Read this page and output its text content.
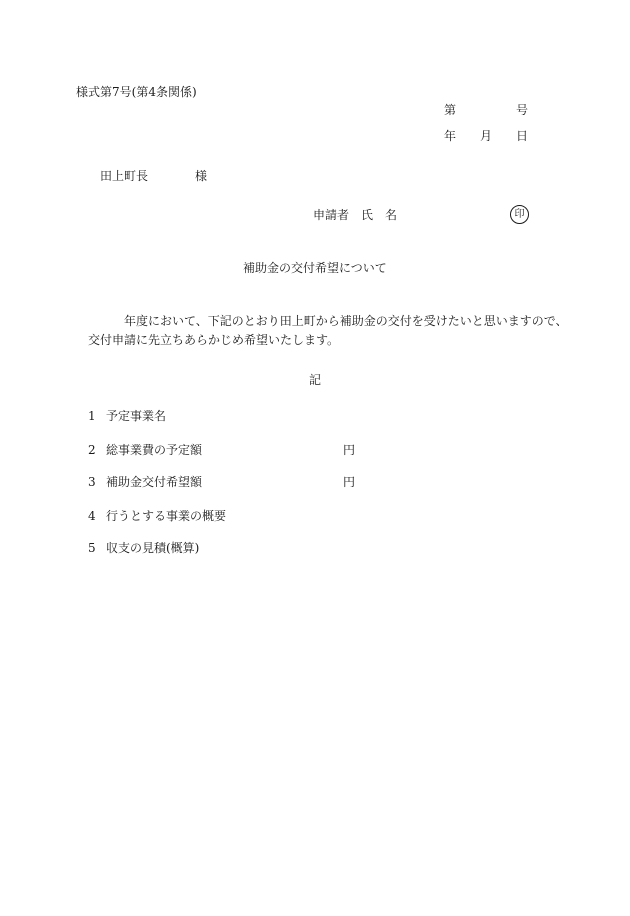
様式第7号(第4条関係)
第	号
年 月 日
田上町長	様
申請者 氏　名	印
補助金の交付希望について
年度において、下記のとおり田上町から補助金の交付を受けたいと思いますので、
交付申請に先立ちあらかじめ希望いたします。
記
1 予定事業名
2 総事業費の予定額	円
3 補助金交付希望額	円
4 行うとする事業の概要
5 収支の見積(概算)
